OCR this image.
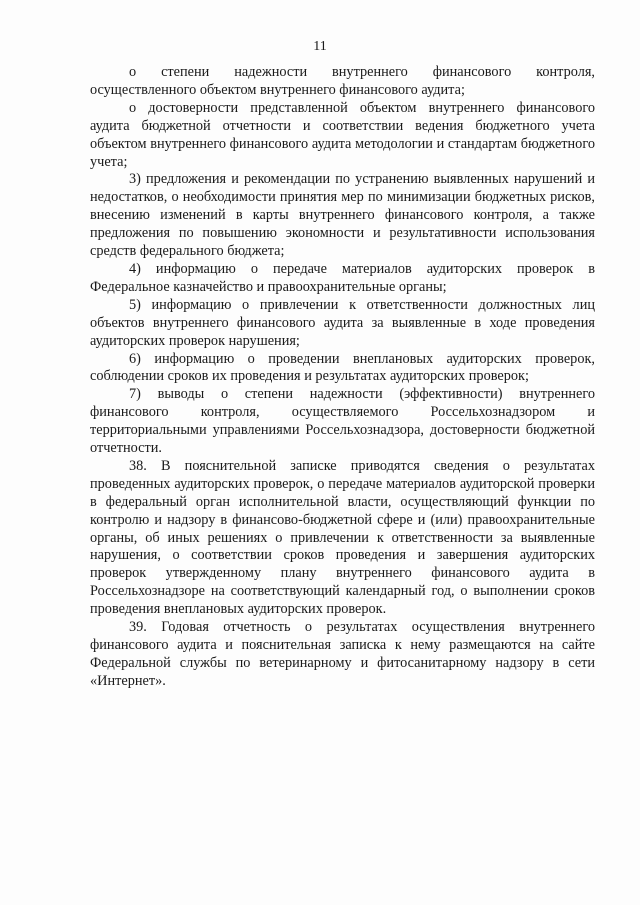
11

о степени надежности внутреннего финансового контроля, осуществленного объектом внутреннего финансового аудита;

о достоверности представленной объектом внутреннего финансового аудита бюджетной отчетности и соответствии ведения бюджетного учета объектом внутреннего финансового аудита методологии и стандартам бюджетного учета;

3) предложения и рекомендации по устранению выявленных нарушений и недостатков, о необходимости принятия мер по минимизации бюджетных рисков, внесению изменений в карты внутреннего финансового контроля, а также предложения по повышению экономности и результативности использования средств федерального бюджета;

4) информацию о передаче материалов аудиторских проверок в Федеральное казначейство и правоохранительные органы;

5) информацию о привлечении к ответственности должностных лиц объектов внутреннего финансового аудита за выявленные в ходе проведения аудиторских проверок нарушения;

6) информацию о проведении внеплановых аудиторских проверок, соблюдении сроков их проведения и результатах аудиторских проверок;

7) выводы о степени надежности (эффективности) внутреннего финансового контроля, осуществляемого Россельхознадзором и территориальными управлениями Россельхознадзора, достоверности бюджетной отчетности.

38. В пояснительной записке приводятся сведения о результатах проведенных аудиторских проверок, о передаче материалов аудиторской проверки в федеральный орган исполнительной власти, осуществляющий функции по контролю и надзору в финансово-бюджетной сфере и (или) правоохранительные органы, об иных решениях о привлечении к ответственности за выявленные нарушения, о соответствии сроков проведения и завершения аудиторских проверок утвержденному плану внутреннего финансового аудита в Россельхознадзоре на соответствующий календарный год, о выполнении сроков проведения внеплановых аудиторских проверок.

39. Годовая отчетность о результатах осуществления внутреннего финансового аудита и пояснительная записка к нему размещаются на сайте Федеральной службы по ветеринарному и фитосанитарному надзору в сети «Интернет».
